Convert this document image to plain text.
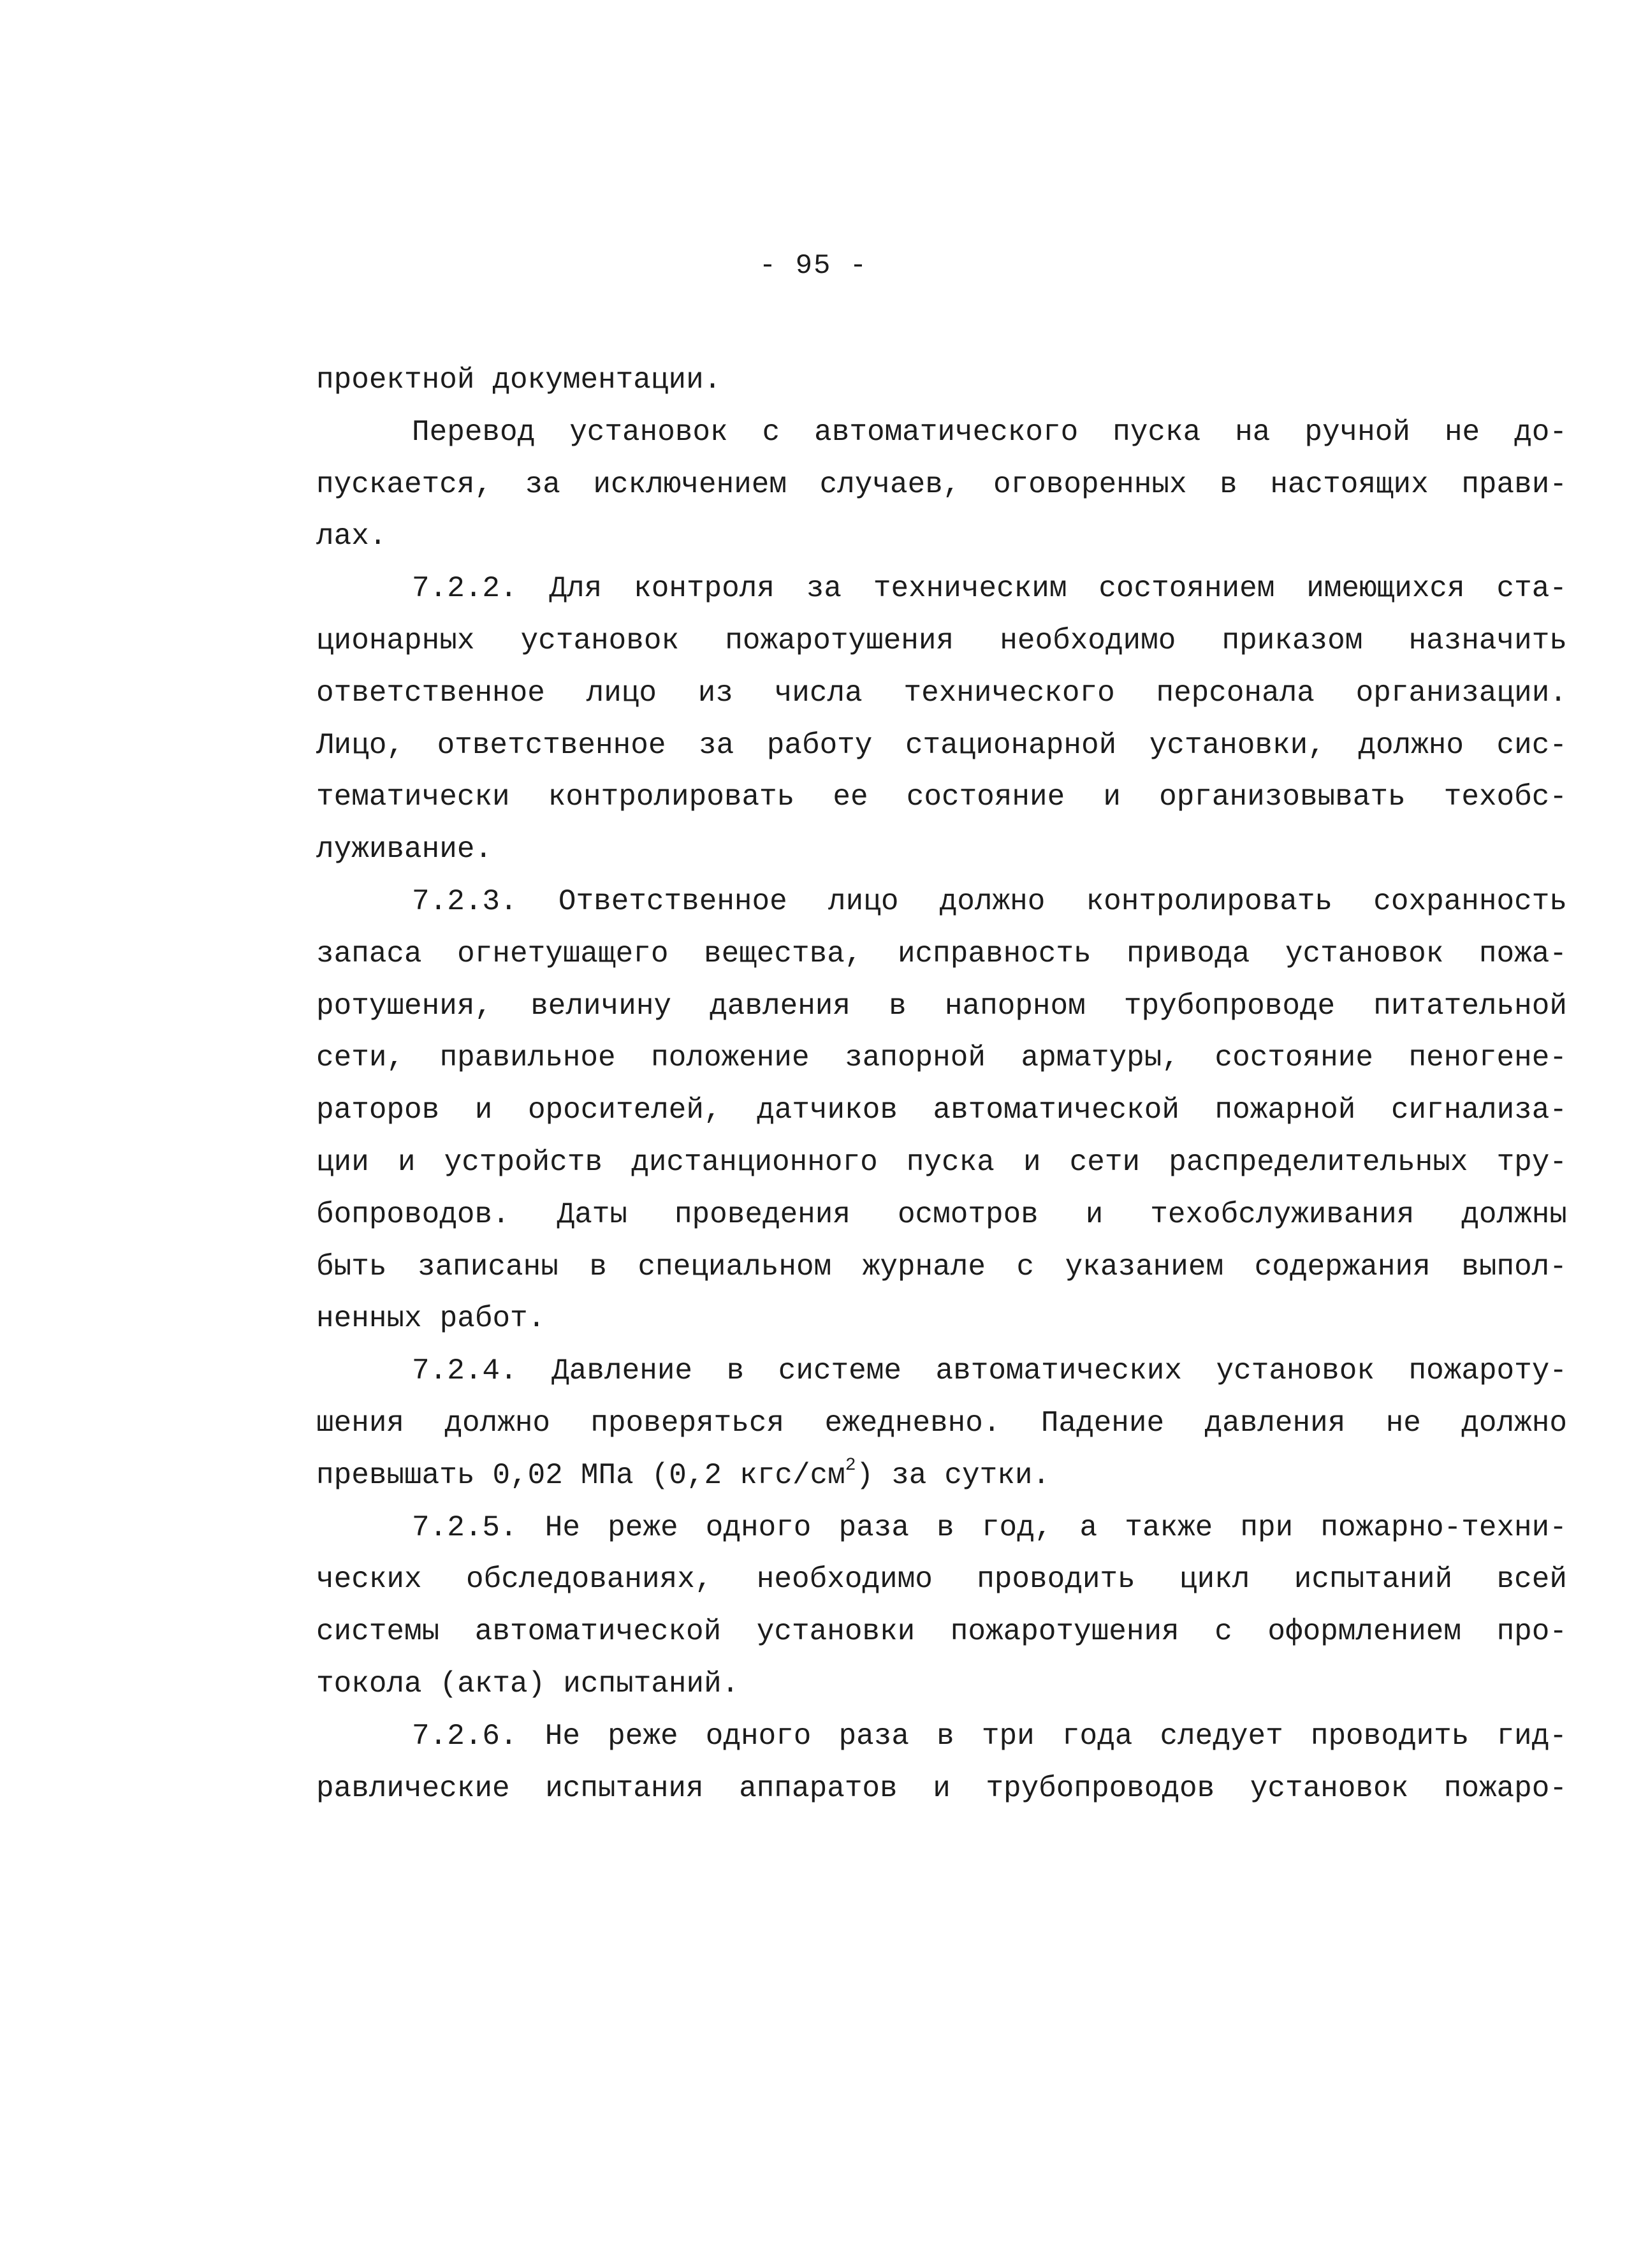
- 95 -
проектной документации.
Перевод установок с автоматического пуска на ручной не до-
пускается, за исключением случаев, оговоренных в настоящих прави-
лах.
7.2.2. Для контроля за техническим состоянием имеющихся ста-
ционарных установок пожаротушения необходимо приказом назначить
ответственное лицо из числа технического персонала организации.
Лицо, ответственное за работу стационарной установки, должно сис-
тематически контролировать ее состояние и организовывать техобс-
луживание.
7.2.3. Ответственное лицо должно контролировать сохранность
запаса огнетушащего вещества, исправность привода установок пожа-
ротушения, величину давления в напорном трубопроводе питательной
сети, правильное положение запорной арматуры, состояние пеногене-
раторов и оросителей, датчиков автоматической пожарной сигнализа-
ции и устройств дистанционного пуска и сети распределительных тру-
бопроводов. Даты проведения осмотров и техобслуживания должны
быть записаны в специальном журнале с указанием содержания выпол-
ненных работ.
7.2.4. Давление в системе автоматических установок пожароту-
шения должно проверяться ежедневно. Падение давления не должно
превышать 0,02 МПа (0,2 кгс/$см^2$) за сутки.
7.2.5. Не реже одного раза в год, а также при пожарно-техни-
ческих обследованиях, необходимо проводить цикл испытаний всей
системы автоматической установки пожаротушения с оформлением про-
токола (акта) испытаний.
7.2.6. Не реже одного раза в три года следует проводить гид-
равлические испытания аппаратов и трубопроводов установок пожаро-
